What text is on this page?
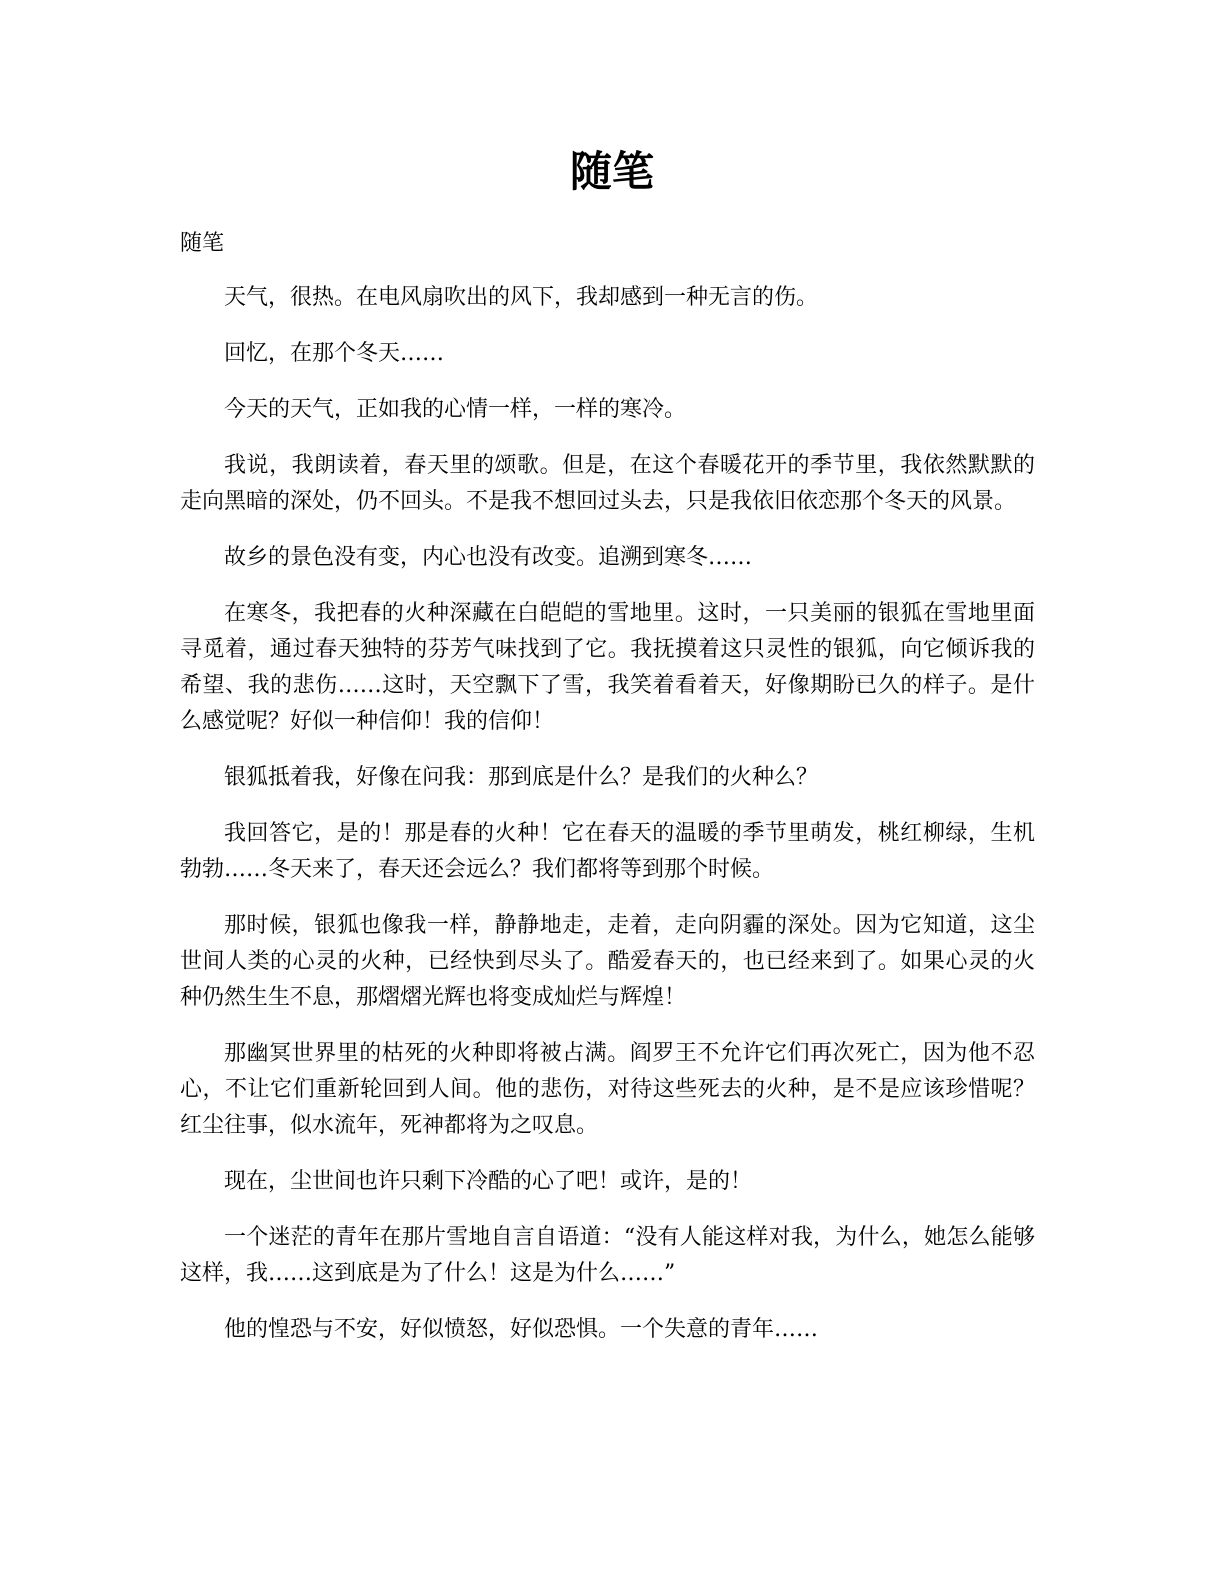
随笔

随笔

天气，很热。在电风扇吹出的风下，我却感到一种无言的伤。

回忆，在那个冬天……

今天的天气，正如我的心情一样，一样的寒冷。

我说，我朗读着，春天里的颂歌。但是，在这个春暖花开的季节里，我依然默默的走向黑暗的深处，仍不回头。不是我不想回过头去，只是我依旧依恋那个冬天的风景。

故乡的景色没有变，内心也没有改变。追溯到寒冬……

在寒冬，我把春的火种深藏在白皑皑的雪地里。这时，一只美丽的银狐在雪地里面寻觅着，通过春天独特的芬芳气味找到了它。我抚摸着这只灵性的银狐，向它倾诉我的希望、我的悲伤……这时，天空飘下了雪，我笑着看着天，好像期盼已久的样子。是什么感觉呢？好似一种信仰！我的信仰！

银狐抵着我，好像在问我：那到底是什么？是我们的火种么？

我回答它，是的！那是春的火种！它在春天的温暖的季节里萌发，桃红柳绿，生机勃勃……冬天来了，春天还会远么？我们都将等到那个时候。

那时候，银狐也像我一样，静静地走，走着，走向阴霾的深处。因为它知道，这尘世间人类的心灵的火种，已经快到尽头了。酷爱春天的，也已经来到了。如果心灵的火种仍然生生不息，那熠熠光辉也将变成灿烂与辉煌！

那幽冥世界里的枯死的火种即将被占满。阎罗王不允许它们再次死亡，因为他不忍心，不让它们重新轮回到人间。他的悲伤，对待这些死去的火种，是不是应该珍惜呢？红尘往事，似水流年，死神都将为之叹息。

现在，尘世间也许只剩下冷酷的心了吧！或许，是的！

一个迷茫的青年在那片雪地自言自语道：“没有人能这样对我，为什么，她怎么能够这样，我……这到底是为了什么！这是为什么……”

他的惶恐与不安，好似愤怒，好似恐惧。一个失意的青年……
